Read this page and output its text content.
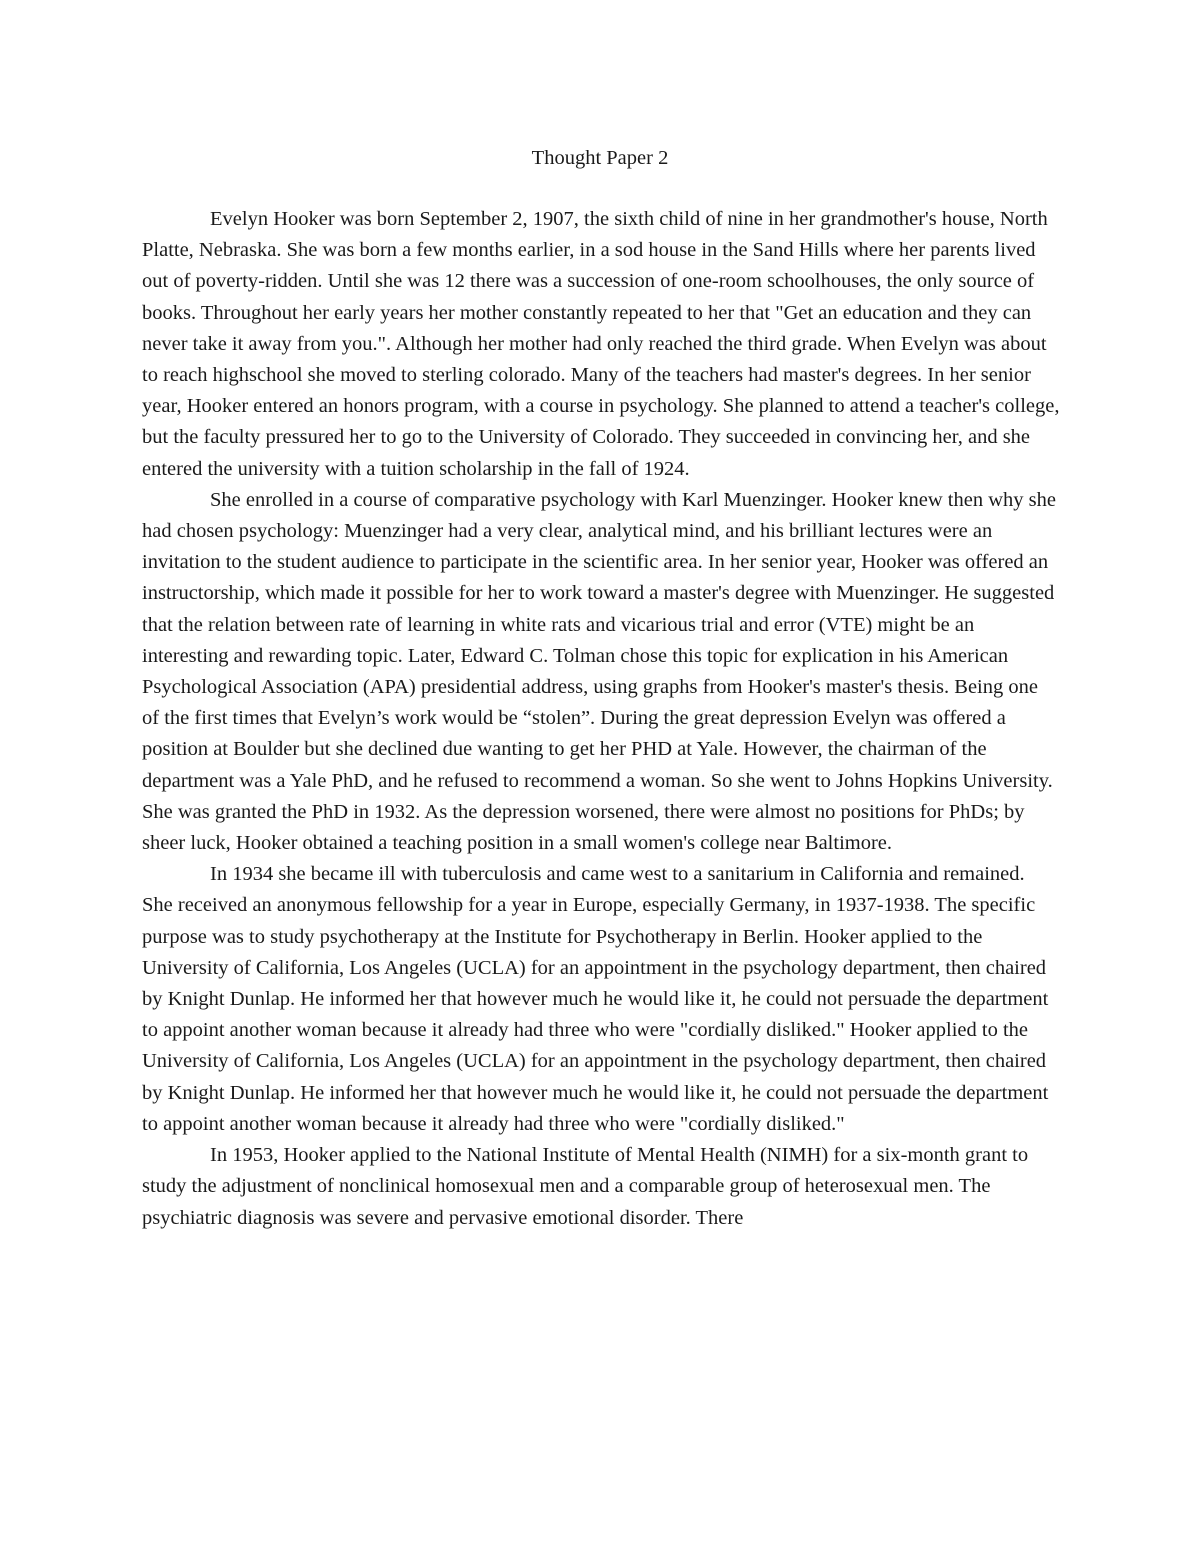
Thought Paper 2

Evelyn Hooker was born September 2, 1907, the sixth child of nine in her grandmother's house, North Platte, Nebraska. She was born a few months earlier, in a sod house in the Sand Hills where her parents lived out of poverty-ridden. Until she was 12 there was a succession of one-room schoolhouses, the only source of books. Throughout her early years her mother constantly repeated to her that "Get an education and they can never take it away from you.". Although her mother had only reached the third grade. When Evelyn was about to reach highschool she moved to sterling colorado. Many of the teachers had master's degrees. In her senior year, Hooker entered an honors program, with a course in psychology. She planned to attend a teacher's college, but the faculty pressured her to go to the University of Colorado. They succeeded in convincing her, and she entered the university with a tuition scholarship in the fall of 1924.

She enrolled in a course of comparative psychology with Karl Muenzinger. Hooker knew then why she had chosen psychology: Muenzinger had a very clear, analytical mind, and his brilliant lectures were an invitation to the student audience to participate in the scientific area. In her senior year, Hooker was offered an instructorship, which made it possible for her to work toward a master's degree with Muenzinger. He suggested that the relation between rate of learning in white rats and vicarious trial and error (VTE) might be an interesting and rewarding topic. Later, Edward C. Tolman chose this topic for explication in his American Psychological Association (APA) presidential address, using graphs from Hooker's master's thesis. Being one of the first times that Evelyn’s work would be “stolen”. During the great depression Evelyn was offered a position at Boulder but she declined due wanting to get her PHD at Yale. However, the chairman of the department was a Yale PhD, and he refused to recommend a woman. So she went to Johns Hopkins University. She was granted the PhD in 1932. As the depression worsened, there were almost no positions for PhDs; by sheer luck, Hooker obtained a teaching position in a small women's college near Baltimore.

In 1934 she became ill with tuberculosis and came west to a sanitarium in California and remained. She received an anonymous fellowship for a year in Europe, especially Germany, in 1937-1938. The specific purpose was to study psychotherapy at the Institute for Psychotherapy in Berlin. Hooker applied to the University of California, Los Angeles (UCLA) for an appointment in the psychology department, then chaired by Knight Dunlap. He informed her that however much he would like it, he could not persuade the department to appoint another woman because it already had three who were "cordially disliked." Hooker applied to the University of California, Los Angeles (UCLA) for an appointment in the psychology department, then chaired by Knight Dunlap. He informed her that however much he would like it, he could not persuade the department to appoint another woman because it already had three who were "cordially disliked."

In 1953, Hooker applied to the National Institute of Mental Health (NIMH) for a six-month grant to study the adjustment of nonclinical homosexual men and a comparable group of heterosexual men. The psychiatric diagnosis was severe and pervasive emotional disorder. There
